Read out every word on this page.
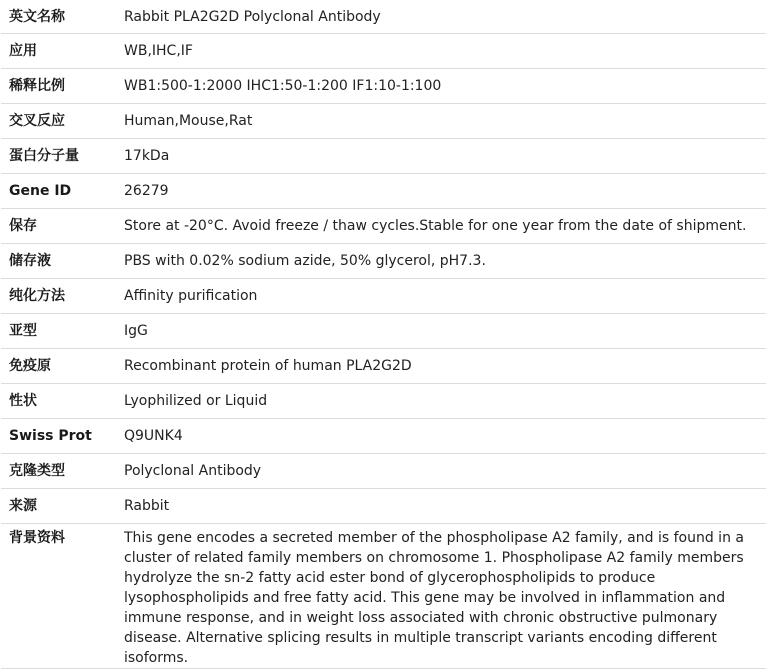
英文名称	Rabbit PLA2G2D Polyclonal Antibody
应用	WB,IHC,IF
稀释比例	WB1:500-1:2000 IHC1:50-1:200 IF1:10-1:100
交叉反应	Human,Mouse,Rat
蛋白分子量	17kDa
Gene ID	26279
保存	Store at -20°C. Avoid freeze / thaw cycles.Stable for one year from the date of shipment.
储存液	PBS with 0.02% sodium azide, 50% glycerol, pH7.3.
纯化方法	Affinity purification
亚型	IgG
免疫原	Recombinant protein of human PLA2G2D
性状	Lyophilized or Liquid
Swiss Prot	Q9UNK4
克隆类型	Polyclonal Antibody
来源	Rabbit
背景资料	This gene encodes a secreted member of the phospholipase A2 family, and is found in a cluster of related family members on chromosome 1. Phospholipase A2 family members hydrolyze the sn-2 fatty acid ester bond of glycerophospholipids to produce lysophospholipids and free fatty acid. This gene may be involved in inflammation and immune response, and in weight loss associated with chronic obstructive pulmonary disease. Alternative splicing results in multiple transcript variants encoding different isoforms.
